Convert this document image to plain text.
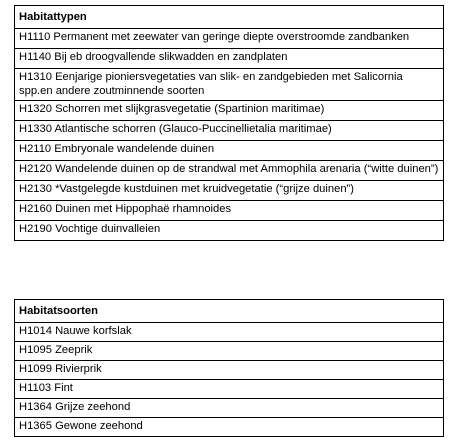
Habitattypen
H1110 Permanent met zeewater van geringe diepte overstroomde zandbanken
H1140 Bij eb droogvallende slikwadden en zandplaten
H1310 Eenjarige pioniersvegetaties van slik- en zandgebieden met Salicornia spp.en andere zoutminnende soorten
H1320 Schorren met slijkgrasvegetatie (Spartinion maritimae)
H1330 Atlantische schorren (Glauco-Puccinellietalia maritimae)
H2110 Embryonale wandelende duinen
H2120 Wandelende duinen op de strandwal met Ammophila arenaria (“witte duinen”)
H2130 *Vastgelegde kustduinen met kruidvegetatie (“grijze duinen”)
H2160 Duinen met Hippophaë rhamnoides
H2190 Vochtige duinvalleien
Habitatsoorten
H1014 Nauwe korfslak
H1095 Zeeprik
H1099 Rivierprik
H1103 Fint
H1364 Grijze zeehond
H1365 Gewone zeehond
